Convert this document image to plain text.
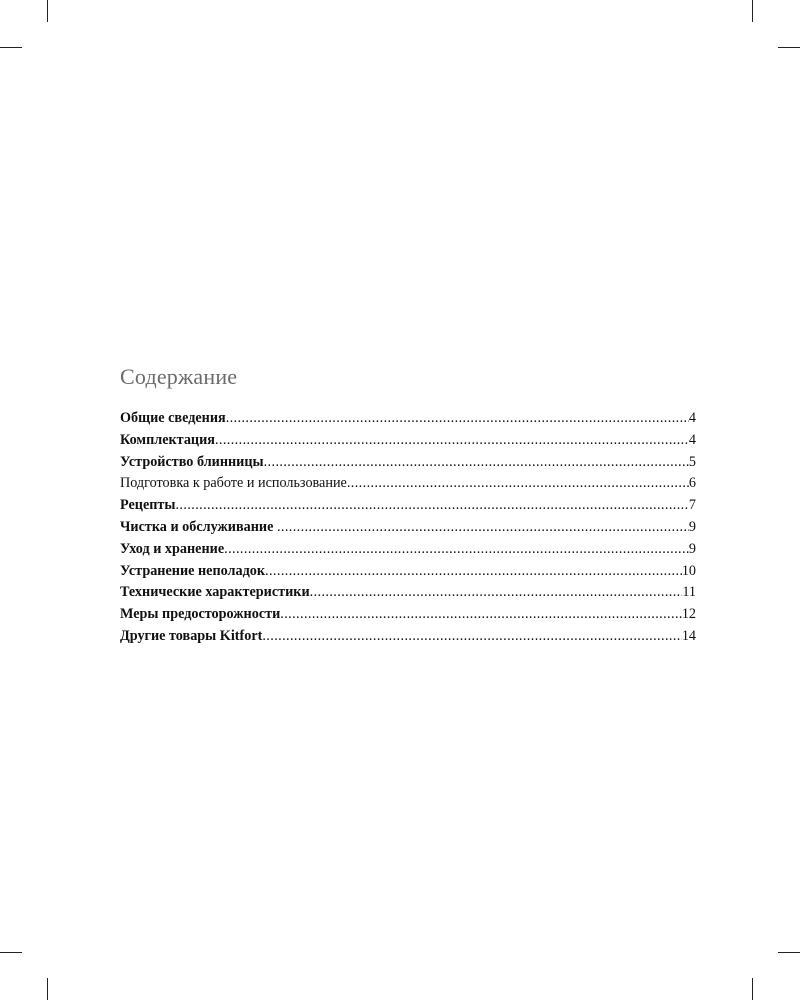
Содержание
Общие сведения .....	4
Комплектация .....	4
Устройство блинницы .....	5
Подготовка к работе и использование .....	6
Рецепты .....	7
Чистка и обслуживание .....	9
Уход и хранение .....	9
Устранение неполадок .....	10
Технические характеристики .....	11
Меры предосторожности .....	12
Другие товары Kitfort .....	14
